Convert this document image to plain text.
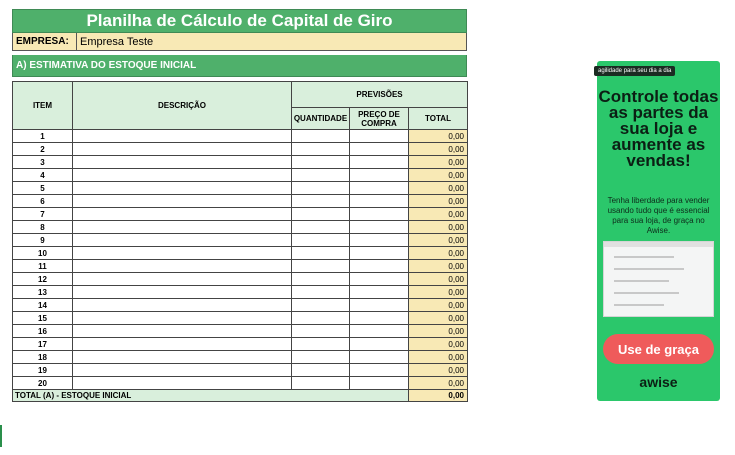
Planilha de Cálculo de Capital de Giro
EMPRESA:	Empresa Teste
A) ESTIMATIVA DO ESTOQUE INICIAL
ITEM	DESCRIÇÃO	PREVISÕES		
		QUANTIDADE	PREÇO DE COMPRA	TOTAL
1				0,00
2				0,00
3				0,00
4				0,00
5				0,00
6				0,00
7				0,00
8				0,00
9				0,00
10				0,00
11				0,00
12				0,00
13				0,00
14				0,00
15				0,00
16				0,00
17				0,00
18				0,00
19				0,00
20				0,00
TOTAL (A) - ESTOQUE INICIAL				0,00
agilidade para seu dia a dia
Controle todas as partes da sua loja e aumente as vendas!
Tenha liberdade para vender usando tudo que é essencial para sua loja, de graça no Awise.
Use de graça
awise
